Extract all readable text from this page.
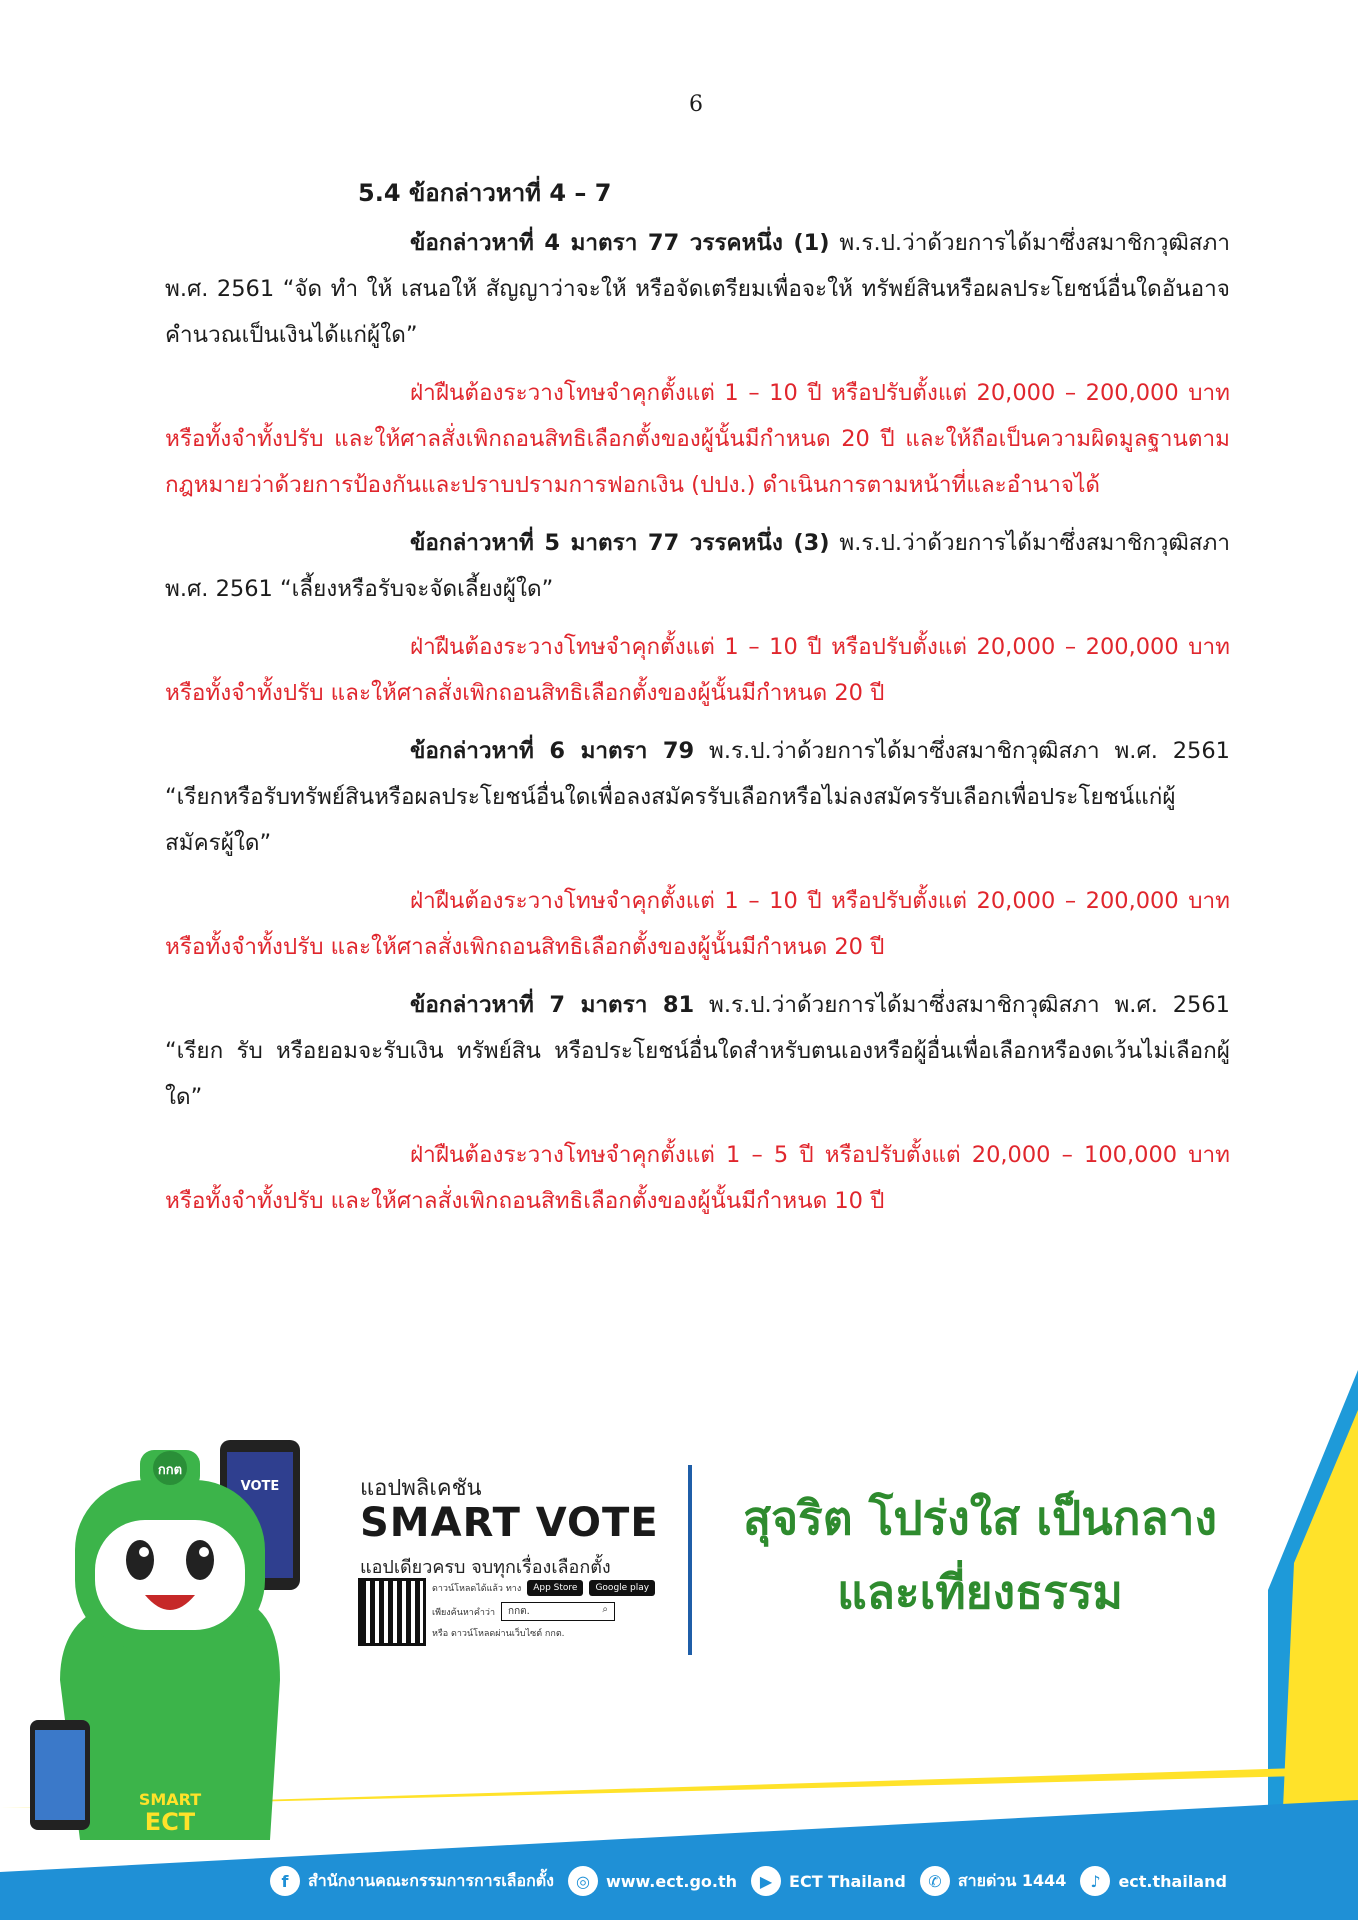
6
5.4 ข้อกล่าวหาที่ 4 – 7

ข้อกล่าวหาที่ 4 มาตรา 77 วรรคหนึ่ง (1) พ.ร.ป.ว่าด้วยการได้มาซึ่งสมาชิกวุฒิสภา พ.ศ. 2561 “จัด ทำ ให้ เสนอให้ สัญญาว่าจะให้ หรือจัดเตรียมเพื่อจะให้ ทรัพย์สินหรือผลประโยชน์อื่นใดอันอาจคำนวณเป็นเงินได้แก่ผู้ใด”

ฝ่าฝืนต้องระวางโทษจำคุกตั้งแต่ 1 – 10 ปี หรือปรับตั้งแต่ 20,000 – 200,000 บาท หรือทั้งจำทั้งปรับ และให้ศาลสั่งเพิกถอนสิทธิเลือกตั้งของผู้นั้นมีกำหนด 20 ปี และให้ถือเป็นความผิดมูลฐานตามกฎหมายว่าด้วยการป้องกันและปราบปรามการฟอกเงิน (ปปง.) ดำเนินการตามหน้าที่และอำนาจได้

ข้อกล่าวหาที่ 5 มาตรา 77 วรรคหนึ่ง (3) พ.ร.ป.ว่าด้วยการได้มาซึ่งสมาชิกวุฒิสภา พ.ศ. 2561 “เลี้ยงหรือรับจะจัดเลี้ยงผู้ใด”

ฝ่าฝืนต้องระวางโทษจำคุกตั้งแต่ 1 – 10 ปี หรือปรับตั้งแต่ 20,000 – 200,000 บาท หรือทั้งจำทั้งปรับ และให้ศาลสั่งเพิกถอนสิทธิเลือกตั้งของผู้นั้นมีกำหนด 20 ปี

ข้อกล่าวหาที่ 6 มาตรา 79 พ.ร.ป.ว่าด้วยการได้มาซึ่งสมาชิกวุฒิสภา พ.ศ. 2561 “เรียกหรือรับทรัพย์สินหรือผลประโยชน์อื่นใดเพื่อลงสมัครรับเลือกหรือไม่ลงสมัครรับเลือกเพื่อประโยชน์แก่ผู้สมัครผู้ใด”

ฝ่าฝืนต้องระวางโทษจำคุกตั้งแต่ 1 – 10 ปี หรือปรับตั้งแต่ 20,000 – 200,000 บาท หรือทั้งจำทั้งปรับ และให้ศาลสั่งเพิกถอนสิทธิเลือกตั้งของผู้นั้นมีกำหนด 20 ปี

ข้อกล่าวหาที่ 7 มาตรา 81 พ.ร.ป.ว่าด้วยการได้มาซึ่งสมาชิกวุฒิสภา พ.ศ. 2561 “เรียก รับ หรือยอมจะรับเงิน ทรัพย์สิน หรือประโยชน์อื่นใดสำหรับตนเองหรือผู้อื่นเพื่อเลือกหรืองดเว้นไม่เลือกผู้ใด”

ฝ่าฝืนต้องระวางโทษจำคุกตั้งแต่ 1 – 5 ปี หรือปรับตั้งแต่ 20,000 – 100,000 บาท หรือทั้งจำทั้งปรับ และให้ศาลสั่งเพิกถอนสิทธิเลือกตั้งของผู้นั้นมีกำหนด 10 ปี

VOTE
กกต
SMART
ECT
แอปพลิเคชัน
SMART VOTE
แอปเดียวครบ จบทุกเรื่องเลือกตั้ง
ดาวน์โหลดได้แล้ว ทาง	App Store	Google play
เพียงค้นหาคำว่า กกต.	⌕
หรือ ดาวน์โหลดผ่านเว็บไซต์ กกต.
สุจริต โปร่งใส เป็นกลาง
และเที่ยงธรรม
f	สำนักงานคณะกรรมการการเลือกตั้ง	◎	www.ect.go.th	▶	ECT Thailand	✆	สายด่วน 1444	♪	ect.thailand
